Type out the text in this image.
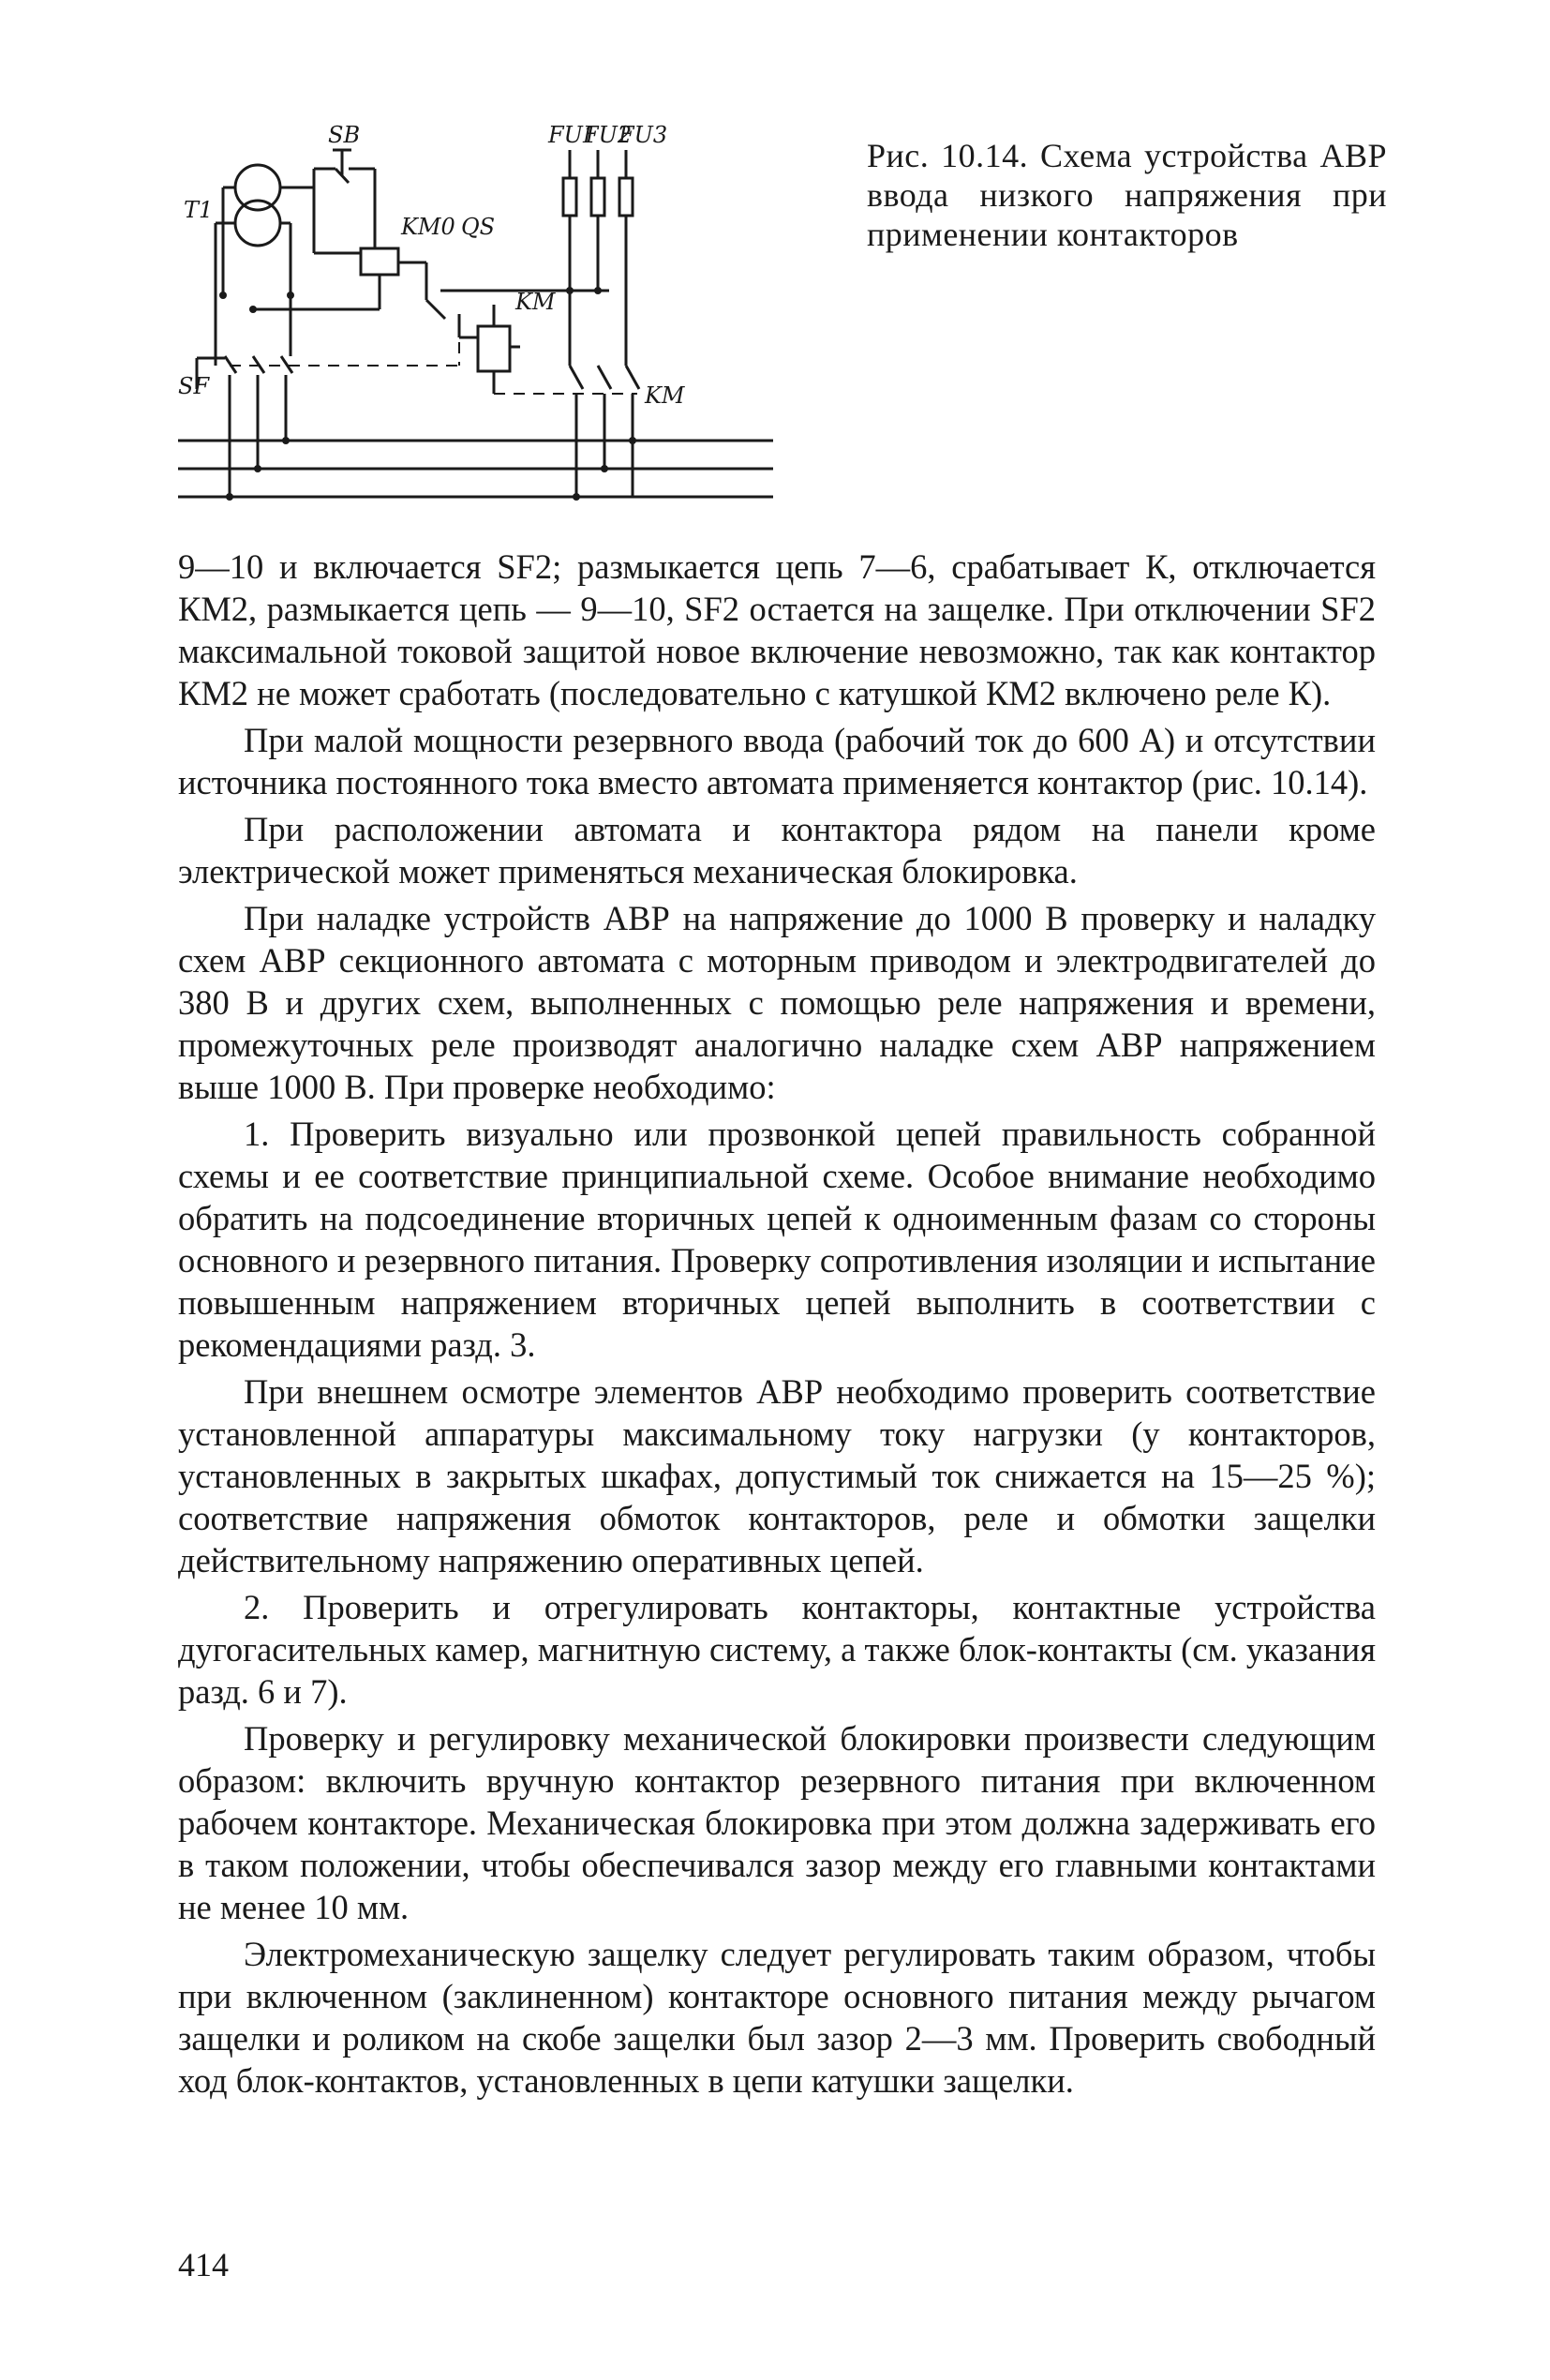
T1
SB	FU1
FU2
FU3
KM0 QS
KM
KM
SF
Рис. 10.14. Схема устройства АВР ввода низкого напряжения при применении контакторов

9—10 и включается SF2; размыкается цепь 7—6, срабатывает К, отключается КМ2, размыкается цепь — 9—10, SF2 остается на защелке. При отключении SF2 максимальной токовой защитой новое включение невозможно, так как контактор КМ2 не может сработать (последовательно с катушкой КМ2 включено реле К).

При малой мощности резервного ввода (рабочий ток до 600 А) и отсутствии источника постоянного тока вместо автомата применяется контактор (рис. 10.14).

При расположении автомата и контактора рядом на панели кроме электрической может применяться механическая блокировка.

При наладке устройств АВР на напряжение до 1000 В проверку и наладку схем АВР секционного автомата с моторным приводом и электродвигателей до 380 В и других схем, выполненных с помощью реле напряжения и времени, промежуточных реле производят аналогично наладке схем АВР напряжением выше 1000 В. При проверке необходимо:

1. Проверить визуально или прозвонкой цепей правильность собранной схемы и ее соответствие принципиальной схеме. Особое внимание необходимо обратить на подсоединение вторичных цепей к одноименным фазам со стороны основного и резервного питания. Проверку сопротивления изоляции и испытание повышенным напряжением вторичных цепей выполнить в соответствии с рекомендациями разд. 3.

При внешнем осмотре элементов АВР необходимо проверить соответствие установленной аппаратуры максимальному току нагрузки (у контакторов, установленных в закрытых шкафах, допустимый ток снижается на 15—25 %); соответствие напряжения обмоток контакторов, реле и обмотки защелки действительному напряжению оперативных цепей.

2. Проверить и отрегулировать контакторы, контактные устройства дугогасительных камер, магнитную систему, а также блок-контакты (см. указания разд. 6 и 7).

Проверку и регулировку механической блокировки произвести следующим образом: включить вручную контактор резервного питания при включенном рабочем контакторе. Механическая блокировка при этом должна задерживать его в таком положении, чтобы обеспечивался зазор между его главными контактами не менее 10 мм.

Электромеханическую защелку следует регулировать таким образом, чтобы при включенном (заклиненном) контакторе основного питания между рычагом защелки и роликом на скобе защелки был зазор 2—3 мм. Проверить свободный ход блок-контактов, установленных в цепи катушки защелки.

414
